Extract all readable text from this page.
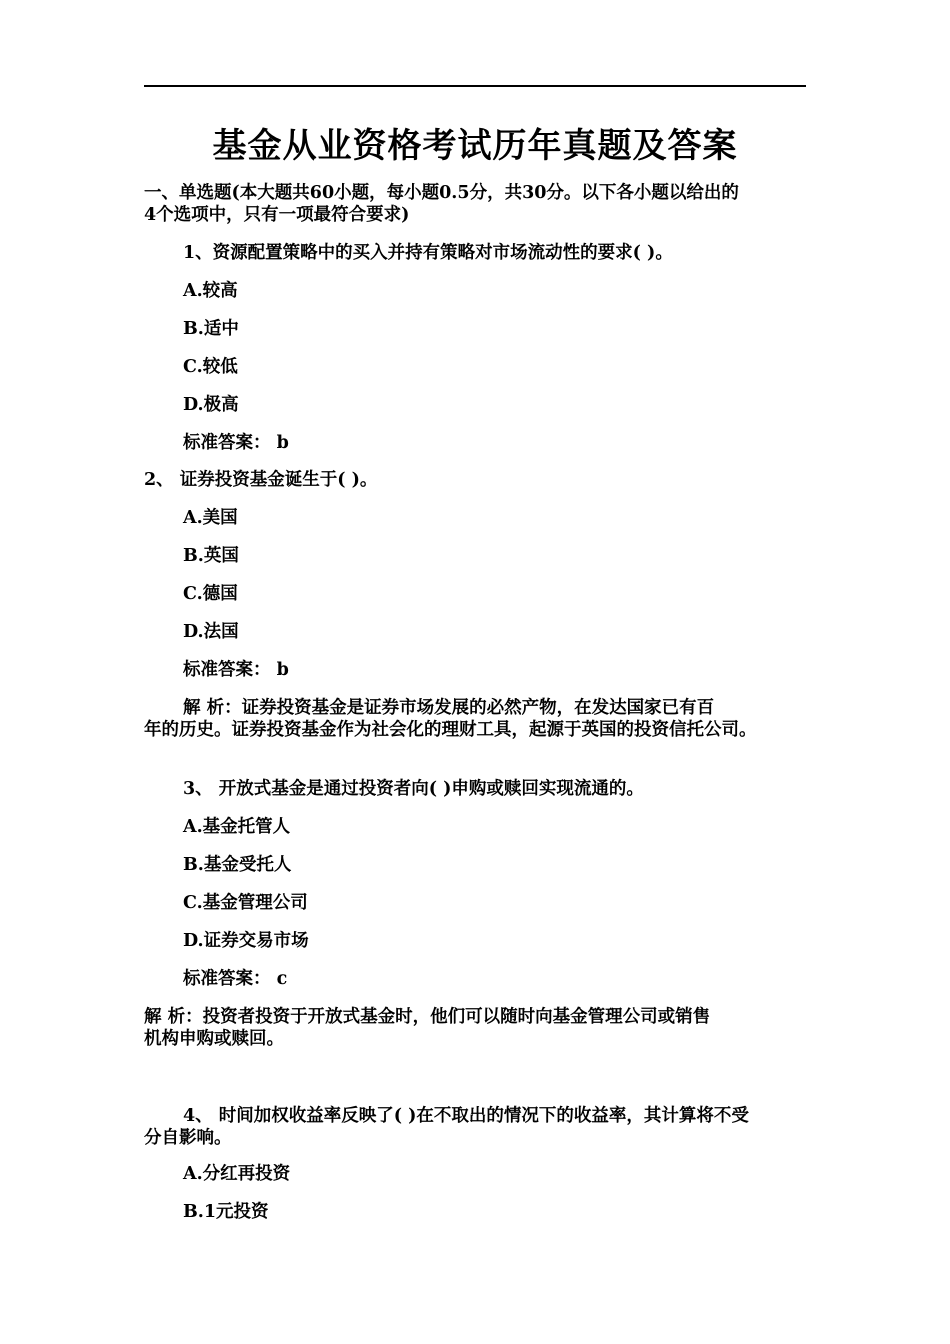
基金从业资格考试历年真题及答案
一、单选题(本大题共60小题，每小题0.5分，共30分。以下各小题以给出的
4个选项中，只有一项最符合要求)
1、资源配置策略中的买入并持有策略对市场流动性的要求( )。
A.较高
B.适中
C.较低
D.极高
标准答案： b
2、 证券投资基金诞生于( )。
A.美国
B.英国
C.德国
D.法国
标准答案： b
解 析：证券投资基金是证券市场发展的必然产物，在发达国家已有百
年的历史。证券投资基金作为社会化的理财工具，起源于英国的投资信托公司。
3、 开放式基金是通过投资者向( )申购或赎回实现流通的。
A.基金托管人
B.基金受托人
C.基金管理公司
D.证券交易市场
标准答案： c
解 析：投资者投资于开放式基金时，他们可以随时向基金管理公司或销售
机构申购或赎回。
4、 时间加权收益率反映了( )在不取出的情况下的收益率，其计算将不受
分自影响。
A.分红再投资
B.1元投资
